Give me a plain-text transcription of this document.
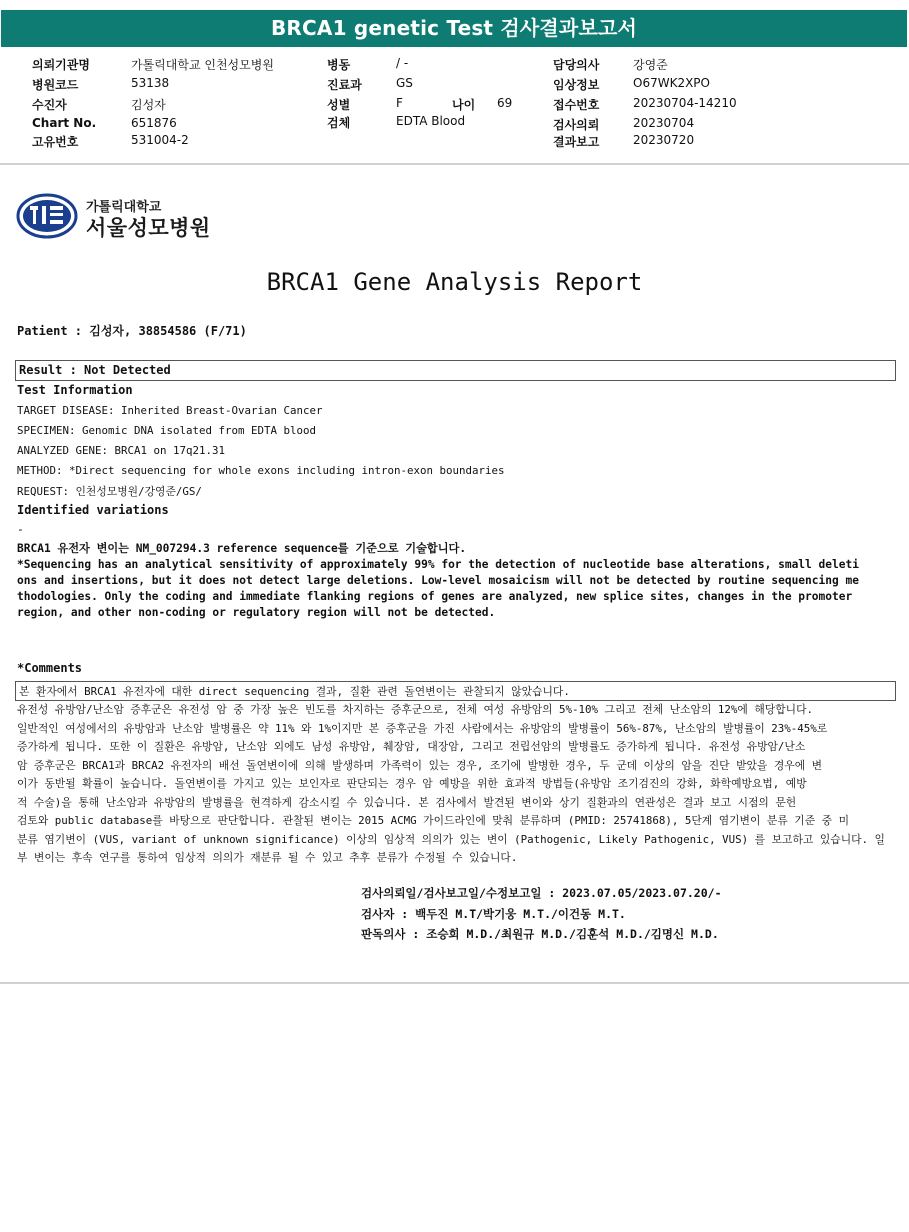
BRCA1 genetic Test 검사결과보고서
의뢰기관명	가톨릭대학교 인천성모병원	병동	/ -	담당의사	강영준
병원코드	53138	진료과	GS	임상정보	O67WK2XPO
수진자	김성자	성별	F	나이 69	접수번호	20230704-14210
Chart No.	651876	검체	EDTA Blood	검사의뢰	20230704
고유번호	531004-2	결과보고	20230720
가톨릭대학교
서울성모병원
BRCA1 Gene Analysis Report
Patient : 김성자, 38854586 (F/71)
Result : Not Detected
Test Information
TARGET DISEASE: Inherited Breast-Ovarian Cancer
SPECIMEN: Genomic DNA isolated from EDTA blood
ANALYZED GENE: BRCA1 on 17q21.31
METHOD: *Direct sequencing for whole exons including intron-exon boundaries
REQUEST: 인천성모병원/강영준/GS/
Identified variations
-
BRCA1 유전자 변이는 NM_007294.3 reference sequence를 기준으로 기술합니다.
*Sequencing has an analytical sensitivity of approximately 99% for the detection of nucleotide base alterations, small deleti
ons and insertions, but it does not detect large deletions. Low-level mosaicism will not be detected by routine sequencing me
thodologies. Only the coding and immediate flanking regions of genes are analyzed, new splice sites, changes in the promoter
region, and other non-coding or regulatory region will not be detected.
*Comments
본 환자에서 BRCA1 유전자에 대한 direct sequencing 결과, 질환 관련 돌연변이는 관찰되지 않았습니다.
유전성 유방암/난소암 증후군은 유전성 암 중 가장 높은 빈도를 차지하는 증후군으로, 전체 여성 유방암의 5%-10% 그리고 전체 난소암의 12%에 해당합니다.
일반적인 여성에서의 유방암과 난소암 발병률은 약 11% 와 1%이지만 본 증후군을 가진 사람에서는 유방암의 발병률이 56%-87%, 난소암의 발병률이 23%-45%로
증가하게 됩니다. 또한 이 질환은 유방암, 난소암 외에도 남성 유방암, 췌장암, 대장암, 그리고 전립선암의 발병률도 증가하게 됩니다. 유전성 유방암/난소
암 증후군은 BRCA1과 BRCA2 유전자의 배선 돌연변이에 의해 발생하며 가족력이 있는 경우, 조기에 발병한 경우, 두 군데 이상의 암을 진단 받았을 경우에 변
이가 동반될 확률이 높습니다. 돌연변이를 가지고 있는 보인자로 판단되는 경우 암 예방을 위한 효과적 방법들(유방암 조기검진의 강화, 화학예방요법, 예방
적 수술)을 통해 난소암과 유방암의 발병률을 현격하게 감소시킬 수 있습니다. 본 검사에서 발견된 변이와 상기 질환과의 연관성은 결과 보고 시점의 문헌
검토와 public database를 바탕으로 판단합니다. 관찰된 변이는 2015 ACMG 가이드라인에 맞춰 분류하며 (PMID: 25741868), 5단계 염기변이 분류 기준 중 미
분류 염기변이 (VUS, variant of unknown significance) 이상의 임상적 의의가 있는 변이 (Pathogenic, Likely Pathogenic, VUS) 를 보고하고 있습니다. 일
부 변이는 후속 연구를 통하여 임상적 의의가 재분류 될 수 있고 추후 분류가 수정될 수 있습니다.
검사의뢰일/검사보고일/수정보고일 : 2023.07.05/2023.07.20/-
검사자 : 백두진 M.T/박기웅 M.T./이건동 M.T.
판독의사 : 조승희 M.D./최원규 M.D./김훈석 M.D./김명신 M.D.
